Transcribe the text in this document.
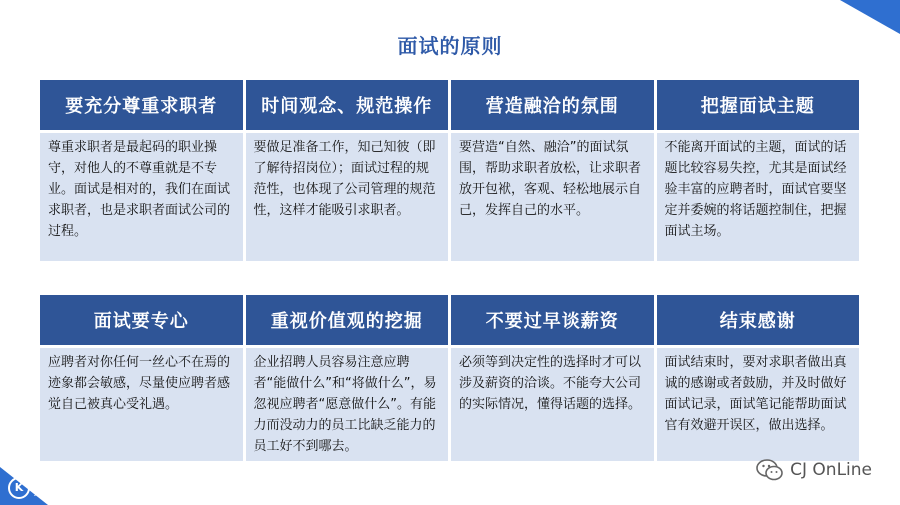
面试的原则
要充分尊重求职者
尊重求职者是最起码的职业操守，对他人的不尊重就是不专业。面试是相对的，我们在面试求职者，也是求职者面试公司的过程。
时间观念、规范操作
要做足准备工作，知己知彼（即了解待招岗位）；面试过程的规范性，也体现了公司管理的规范性，这样才能吸引求职者。
营造融洽的氛围
要营造“自然、融洽”的面试氛围，帮助求职者放松，让求职者放开包袱，客观、轻松地展示自己，发挥自己的水平。
把握面试主题
不能离开面试的主题，面试的话题比较容易失控，尤其是面试经验丰富的应聘者时，面试官要坚定并委婉的将话题控制住，把握面试主场。
面试要专心
应聘者对你任何一丝心不在焉的迹象都会敏感，尽量使应聘者感觉自己被真心受礼遇。
重视价值观的挖掘
企业招聘人员容易注意应聘者“能做什么”和“将做什么”，易忽视应聘者“愿意做什么”。有能力而没动力的员工比缺乏能力的员工好不到哪去。
不要过早谈薪资
必须等到决定性的选择时才可以涉及薪资的洽谈。不能夸大公司的实际情况，懂得话题的选择。
结束感谢
面试结束时，要对求职者做出真诚的感谢或者鼓励，并及时做好面试记录，面试笔记能帮助面试官有效避开误区，做出选择。
K 大数跨境
CJ OnLine
